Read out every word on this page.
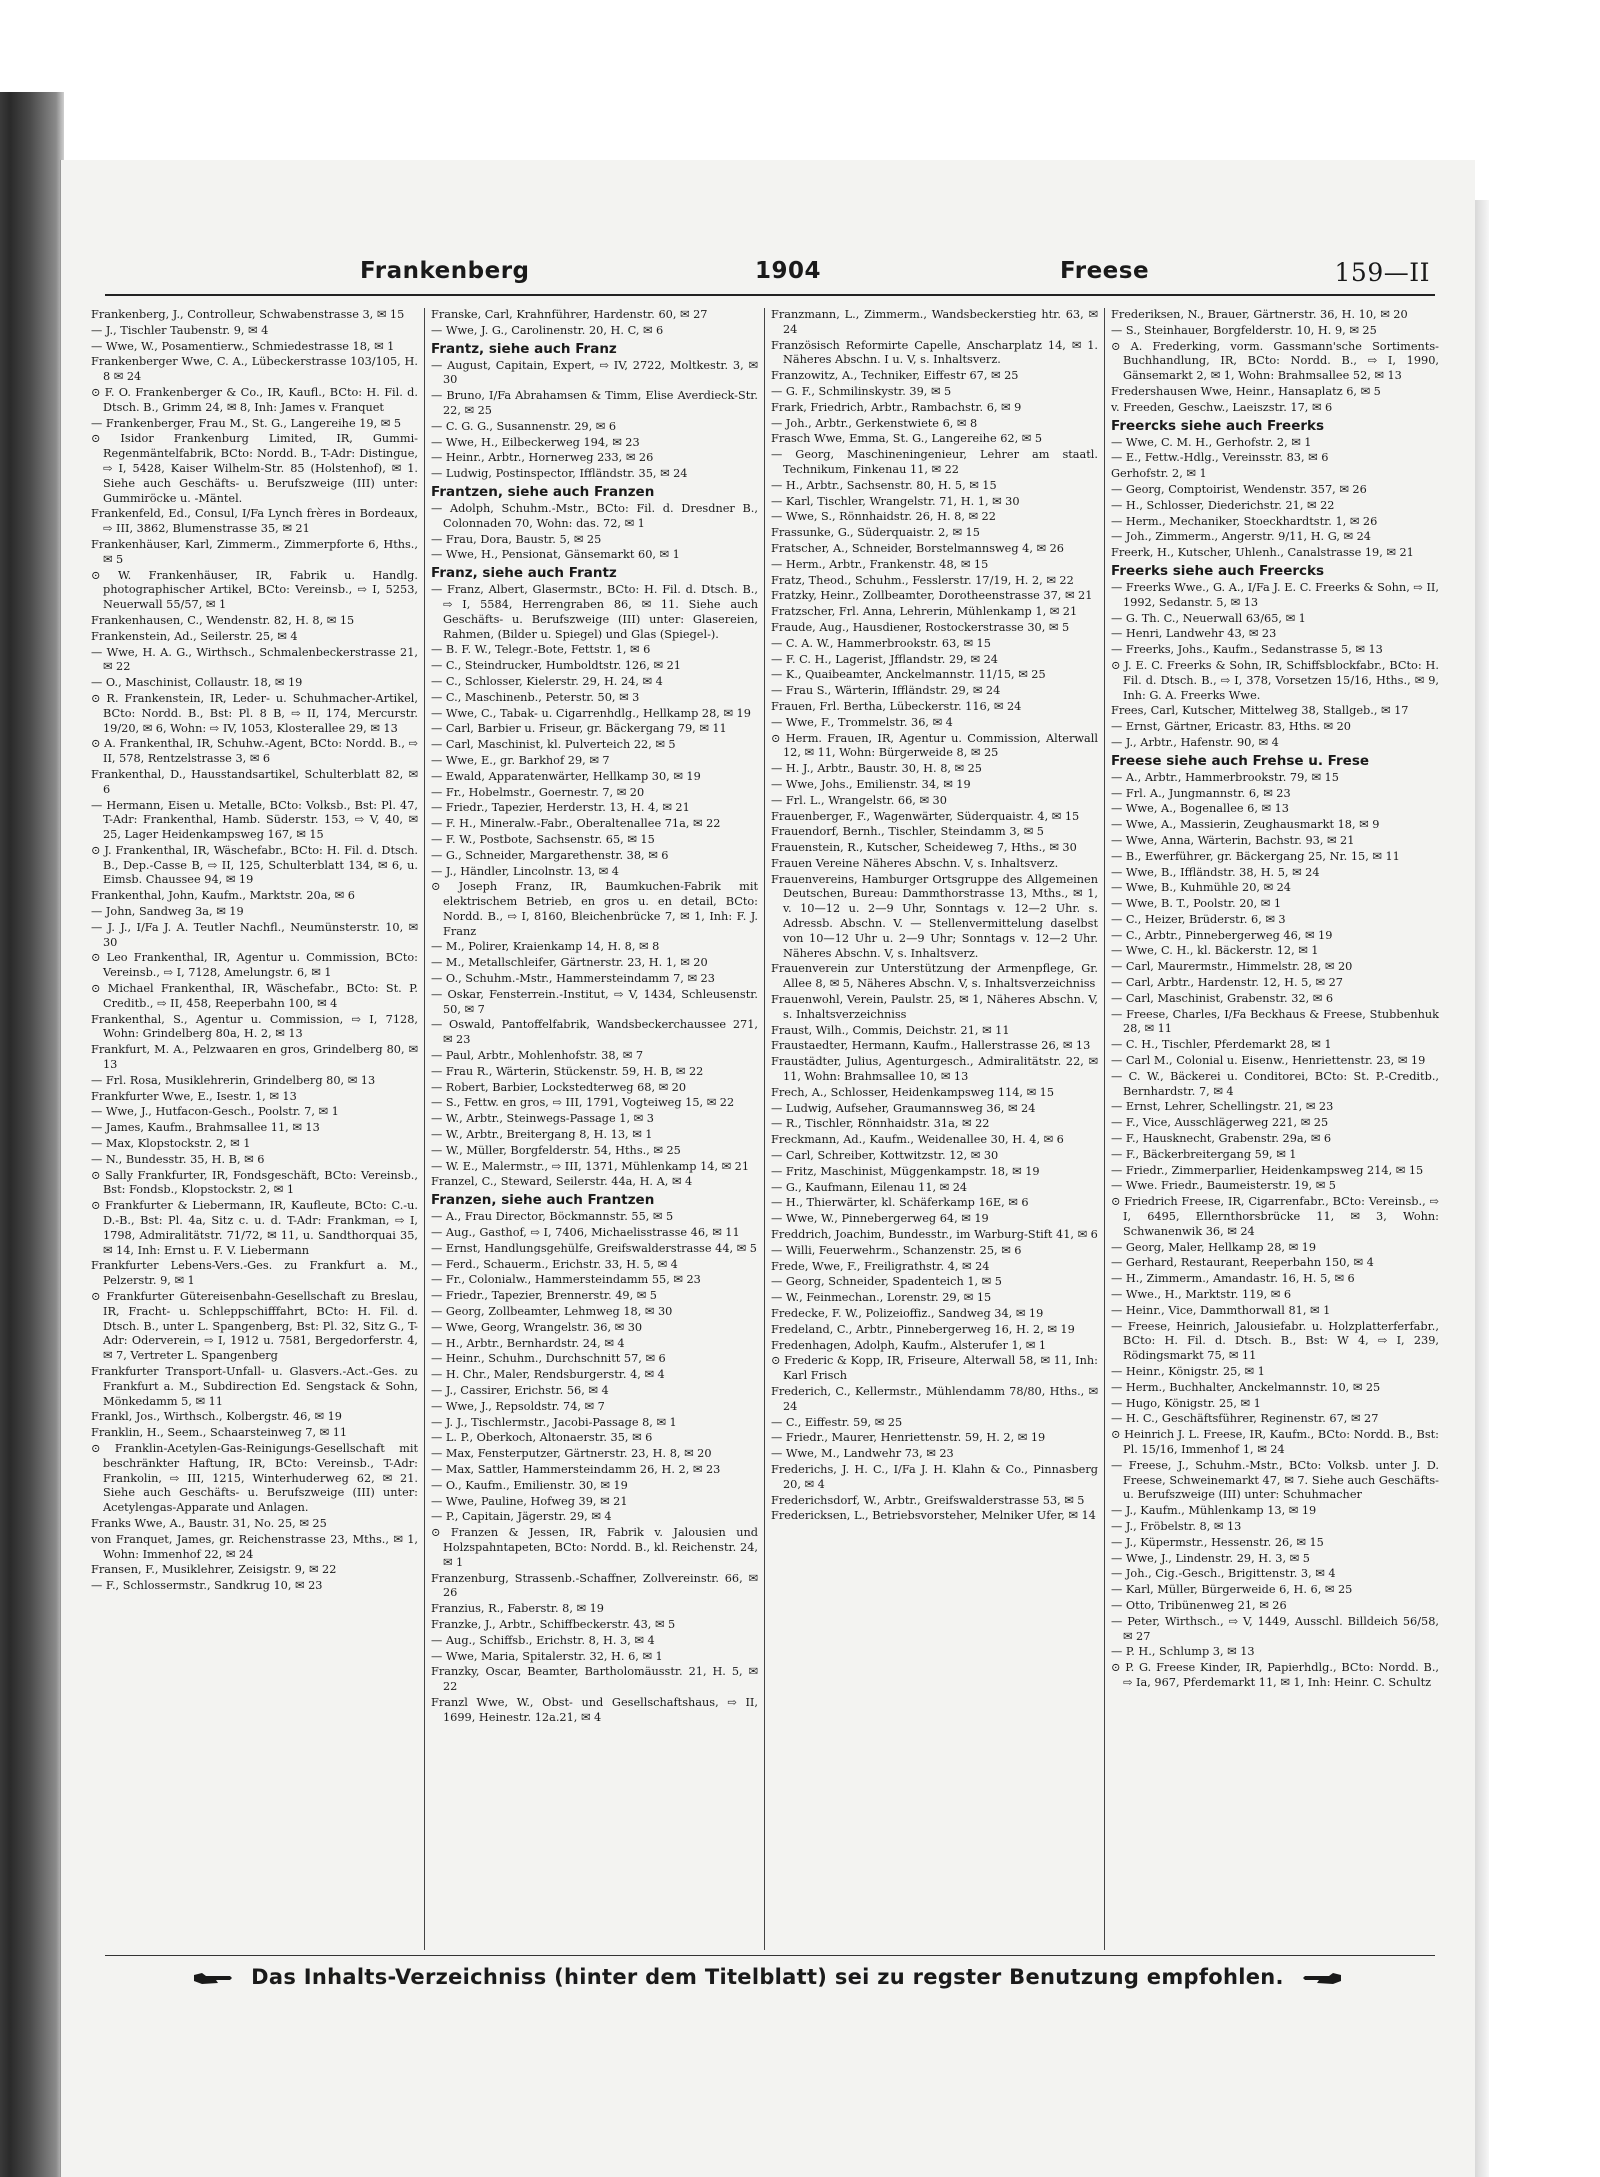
Frankenberg	1904	Freese	159—II

Frankenberg, J., Controlleur, Schwabenstrasse 3, ✉ 15

— J., Tischler Taubenstr. 9, ✉ 4

— Wwe, W., Posamentierw., Schmiedestrasse 18, ✉ 1

Frankenberger Wwe, C. A., Lübeckerstrasse 103/105, H. 8 ✉ 24

⊙ F. O. Frankenberger & Co., IR, Kaufl., BCto: H. Fil. d. Dtsch. B., Grimm 24, ✉ 8, Inh: James v. Franquet

— Frankenberger, Frau M., St. G., Langereihe 19, ✉ 5

⊙ Isidor Frankenburg Limited, IR, Gummi-Regenmäntelfabrik, BCto: Nordd. B., T-Adr: Distingue, ⇨ I, 5428, Kaiser Wilhelm-Str. 85 (Holstenhof), ✉ 1. Siehe auch Geschäfts- u. Berufszweige (III) unter: Gummiröcke u. -Mäntel.

Frankenfeld, Ed., Consul, I/Fa Lynch frères in Bordeaux, ⇨ III, 3862, Blumenstrasse 35, ✉ 21

Frankenhäuser, Karl, Zimmerm., Zimmerpforte 6, Hths., ✉ 5

⊙ W. Frankenhäuser, IR, Fabrik u. Handlg. photographischer Artikel, BCto: Vereinsb., ⇨ I, 5253, Neuerwall 55/57, ✉ 1

Frankenhausen, C., Wendenstr. 82, H. 8, ✉ 15

Frankenstein, Ad., Seilerstr. 25, ✉ 4

— Wwe, H. A. G., Wirthsch., Schmalenbeckerstrasse 21, ✉ 22

— O., Maschinist, Collaustr. 18, ✉ 19

⊙ R. Frankenstein, IR, Leder- u. Schuhmacher-Artikel, BCto: Nordd. B., Bst: Pl. 8 B, ⇨ II, 174, Mercurstr. 19/20, ✉ 6, Wohn: ⇨ IV, 1053, Klosterallee 29, ✉ 13

⊙ A. Frankenthal, IR, Schuhw.-Agent, BCto: Nordd. B., ⇨ II, 578, Rentzelstrasse 3, ✉ 6

Frankenthal, D., Hausstandsartikel, Schulterblatt 82, ✉ 6

— Hermann, Eisen u. Metalle, BCto: Volksb., Bst: Pl. 47, T-Adr: Frankenthal, Hamb. Süderstr. 153, ⇨ V, 40, ✉ 25, Lager Heidenkampsweg 167, ✉ 15

⊙ J. Frankenthal, IR, Wäschefabr., BCto: H. Fil. d. Dtsch. B., Dep.-Casse B, ⇨ II, 125, Schulterblatt 134, ✉ 6, u. Eimsb. Chaussee 94, ✉ 19

Frankenthal, John, Kaufm., Marktstr. 20a, ✉ 6

— John, Sandweg 3a, ✉ 19

— J. J., I/Fa J. A. Teutler Nachfl., Neumünsterstr. 10, ✉ 30

⊙ Leo Frankenthal, IR, Agentur u. Commission, BCto: Vereinsb., ⇨ I, 7128, Amelungstr. 6, ✉ 1

⊙ Michael Frankenthal, IR, Wäschefabr., BCto: St. P. Creditb., ⇨ II, 458, Reeperbahn 100, ✉ 4

Frankenthal, S., Agentur u. Commission, ⇨ I, 7128, Wohn: Grindelberg 80a, H. 2, ✉ 13

Frankfurt, M. A., Pelzwaaren en gros, Grindelberg 80, ✉ 13

— Frl. Rosa, Musiklehrerin, Grindelberg 80, ✉ 13

Frankfurter Wwe, E., Isestr. 1, ✉ 13

— Wwe, J., Hutfacon-Gesch., Poolstr. 7, ✉ 1

— James, Kaufm., Brahmsallee 11, ✉ 13

— Max, Klopstockstr. 2, ✉ 1

— N., Bundesstr. 35, H. B, ✉ 6

⊙ Sally Frankfurter, IR, Fondsgeschäft, BCto: Vereinsb., Bst: Fondsb., Klopstockstr. 2, ✉ 1

⊙ Frankfurter & Liebermann, IR, Kaufleute, BCto: C.-u. D.-B., Bst: Pl. 4a, Sitz c. u. d. T-Adr: Frankman, ⇨ I, 1798, Admiralitätstr. 71/72, ✉ 11, u. Sandthorquai 35, ✉ 14, Inh: Ernst u. F. V. Liebermann

Frankfurter Lebens-Vers.-Ges. zu Frankfurt a. M., Pelzerstr. 9, ✉ 1

⊙ Frankfurter Gütereisenbahn-Gesellschaft zu Breslau, IR, Fracht- u. Schleppschifffahrt, BCto: H. Fil. d. Dtsch. B., unter L. Spangenberg, Bst: Pl. 32, Sitz G., T-Adr: Oderverein, ⇨ I, 1912 u. 7581, Bergedorferstr. 4, ✉ 7, Vertreter L. Spangenberg

Frankfurter Transport-Unfall- u. Glasvers.-Act.-Ges. zu Frankfurt a. M., Subdirection Ed. Sengstack & Sohn, Mönkedamm 5, ✉ 11

Frankl, Jos., Wirthsch., Kolbergstr. 46, ✉ 19

Franklin, H., Seem., Schaarsteinweg 7, ✉ 11

⊙ Franklin-Acetylen-Gas-Reinigungs-Gesellschaft mit beschränkter Haftung, IR, BCto: Vereinsb., T-Adr: Frankolin, ⇨ III, 1215, Winterhuderweg 62, ✉ 21. Siehe auch Geschäfts- u. Berufszweige (III) unter: Acetylengas-Apparate und Anlagen.

Franks Wwe, A., Baustr. 31, No. 25, ✉ 25

von Franquet, James, gr. Reichenstrasse 23, Mths., ✉ 1, Wohn: Immenhof 22, ✉ 24

Fransen, F., Musiklehrer, Zeisigstr. 9, ✉ 22

— F., Schlossermstr., Sandkrug 10, ✉ 23

Franske, Carl, Krahnführer, Hardenstr. 60, ✉ 27

— Wwe, J. G., Carolinenstr. 20, H. C, ✉ 6

Frantz, siehe auch Franz

— August, Capitain, Expert, ⇨ IV, 2722, Moltkestr. 3, ✉ 30

— Bruno, I/Fa Abrahamsen & Timm, Elise Averdieck-Str. 22, ✉ 25

— C. G. G., Susannenstr. 29, ✉ 6

— Wwe, H., Eilbeckerweg 194, ✉ 23

— Heinr., Arbtr., Hornerweg 233, ✉ 26

— Ludwig, Postinspector, Iffländstr. 35, ✉ 24

Frantzen, siehe auch Franzen

— Adolph, Schuhm.-Mstr., BCto: Fil. d. Dresdner B., Colonnaden 70, Wohn: das. 72, ✉ 1

— Frau, Dora, Baustr. 5, ✉ 25

— Wwe, H., Pensionat, Gänsemarkt 60, ✉ 1

Franz, siehe auch Frantz

— Franz, Albert, Glasermstr., BCto: H. Fil. d. Dtsch. B., ⇨ I, 5584, Herrengraben 86, ✉ 11. Siehe auch Geschäfts- u. Berufszweige (III) unter: Glasereien, Rahmen, (Bilder u. Spiegel) und Glas (Spiegel-).

— B. F. W., Telegr.-Bote, Fettstr. 1, ✉ 6

— C., Steindrucker, Humboldtstr. 126, ✉ 21

— C., Schlosser, Kielerstr. 29, H. 24, ✉ 4

— C., Maschinenb., Peterstr. 50, ✉ 3

— Wwe, C., Tabak- u. Cigarrenhdlg., Hellkamp 28, ✉ 19

— Carl, Barbier u. Friseur, gr. Bäckergang 79, ✉ 11

— Carl, Maschinist, kl. Pulverteich 22, ✉ 5

— Wwe, E., gr. Barkhof 29, ✉ 7

— Ewald, Apparatenwärter, Hellkamp 30, ✉ 19

— Fr., Hobelmstr., Goernestr. 7, ✉ 20

— Friedr., Tapezier, Herderstr. 13, H. 4, ✉ 21

— F. H., Mineralw.-Fabr., Oberaltenallee 71a, ✉ 22

— F. W., Postbote, Sachsenstr. 65, ✉ 15

— G., Schneider, Margarethenstr. 38, ✉ 6

— J., Händler, Lincolnstr. 13, ✉ 4

⊙ Joseph Franz, IR, Baumkuchen-Fabrik mit elektrischem Betrieb, en gros u. en detail, BCto: Nordd. B., ⇨ I, 8160, Bleichenbrücke 7, ✉ 1, Inh: F. J. Franz

— M., Polirer, Kraienkamp 14, H. 8, ✉ 8

— M., Metallschleifer, Gärtnerstr. 23, H. 1, ✉ 20

— O., Schuhm.-Mstr., Hammersteindamm 7, ✉ 23

— Oskar, Fensterrein.-Institut, ⇨ V, 1434, Schleusenstr. 50, ✉ 7

— Oswald, Pantoffelfabrik, Wandsbeckerchaussee 271, ✉ 23

— Paul, Arbtr., Mohlenhofstr. 38, ✉ 7

— Frau R., Wärterin, Stückenstr. 59, H. B, ✉ 22

— Robert, Barbier, Lockstedterweg 68, ✉ 20

— S., Fettw. en gros, ⇨ III, 1791, Vogteiweg 15, ✉ 22

— W., Arbtr., Steinwegs-Passage 1, ✉ 3

— W., Arbtr., Breitergang 8, H. 13, ✉ 1

— W., Müller, Borgfelderstr. 54, Hths., ✉ 25

— W. E., Malermstr., ⇨ III, 1371, Mühlenkamp 14, ✉ 21

Franzel, C., Steward, Seilerstr. 44a, H. A, ✉ 4

Franzen, siehe auch Frantzen

— A., Frau Director, Böckmannstr. 55, ✉ 5

— Aug., Gasthof, ⇨ I, 7406, Michaelisstrasse 46, ✉ 11

— Ernst, Handlungsgehülfe, Greifswalderstrasse 44, ✉ 5

— Ferd., Schauerm., Erichstr. 33, H. 5, ✉ 4

— Fr., Colonialw., Hammersteindamm 55, ✉ 23

— Friedr., Tapezier, Brennerstr. 49, ✉ 5

— Georg, Zollbeamter, Lehmweg 18, ✉ 30

— Wwe, Georg, Wrangelstr. 36, ✉ 30

— H., Arbtr., Bernhardstr. 24, ✉ 4

— Heinr., Schuhm., Durchschnitt 57, ✉ 6

— H. Chr., Maler, Rendsburgerstr. 4, ✉ 4

— J., Cassirer, Erichstr. 56, ✉ 4

— Wwe, J., Repsoldstr. 74, ✉ 7

— J. J., Tischlermstr., Jacobi-Passage 8, ✉ 1

— L. P., Oberkoch, Altonaerstr. 35, ✉ 6

— Max, Fensterputzer, Gärtnerstr. 23, H. 8, ✉ 20

— Max, Sattler, Hammersteindamm 26, H. 2, ✉ 23

— O., Kaufm., Emilienstr. 30, ✉ 19

— Wwe, Pauline, Hofweg 39, ✉ 21

— P., Capitain, Jägerstr. 29, ✉ 4

⊙ Franzen & Jessen, IR, Fabrik v. Jalousien und Holzspahntapeten, BCto: Nordd. B., kl. Reichenstr. 24, ✉ 1

Franzenburg, Strassenb.-Schaffner, Zollvereinstr. 66, ✉ 26

Franzius, R., Faberstr. 8, ✉ 19

Franzke, J., Arbtr., Schiffbeckerstr. 43, ✉ 5

— Aug., Schiffsb., Erichstr. 8, H. 3, ✉ 4

— Wwe, Maria, Spitalerstr. 32, H. 6, ✉ 1

Franzky, Oscar, Beamter, Bartholomäusstr. 21, H. 5, ✉ 22

Franzl Wwe, W., Obst- und Gesellschaftshaus, ⇨ II, 1699, Heinestr. 12a.21, ✉ 4

Franzmann, L., Zimmerm., Wandsbeckerstieg htr. 63, ✉ 24

Französisch Reformirte Capelle, Anscharplatz 14, ✉ 1. Näheres Abschn. I u. V, s. Inhaltsverz.

Franzowitz, A., Techniker, Eiffestr 67, ✉ 25

— G. F., Schmilinskystr. 39, ✉ 5

Frark, Friedrich, Arbtr., Rambachstr. 6, ✉ 9

— Joh., Arbtr., Gerkenstwiete 6, ✉ 8

Frasch Wwe, Emma, St. G., Langereihe 62, ✉ 5

— Georg, Maschineningenieur, Lehrer am staatl. Technikum, Finkenau 11, ✉ 22

— H., Arbtr., Sachsenstr. 80, H. 5, ✉ 15

— Karl, Tischler, Wrangelstr. 71, H. 1, ✉ 30

— Wwe, S., Rönnhaidstr. 26, H. 8, ✉ 22

Frassunke, G., Süderquaistr. 2, ✉ 15

Fratscher, A., Schneider, Borstelmannsweg 4, ✉ 26

— Herm., Arbtr., Frankenstr. 48, ✉ 15

Fratz, Theod., Schuhm., Fesslerstr. 17/19, H. 2, ✉ 22

Fratzky, Heinr., Zollbeamter, Dorotheenstrasse 37, ✉ 21

Fratzscher, Frl. Anna, Lehrerin, Mühlenkamp 1, ✉ 21

Fraude, Aug., Hausdiener, Rostockerstrasse 30, ✉ 5

— C. A. W., Hammerbrookstr. 63, ✉ 15

— F. C. H., Lagerist, Jfflandstr. 29, ✉ 24

— K., Quaibeamter, Anckelmannstr. 11/15, ✉ 25

— Frau S., Wärterin, Iffländstr. 29, ✉ 24

Frauen, Frl. Bertha, Lübeckerstr. 116, ✉ 24

— Wwe, F., Trommelstr. 36, ✉ 4

⊙ Herm. Frauen, IR, Agentur u. Commission, Alterwall 12, ✉ 11, Wohn: Bürgerweide 8, ✉ 25

— H. J., Arbtr., Baustr. 30, H. 8, ✉ 25

— Wwe, Johs., Emilienstr. 34, ✉ 19

— Frl. L., Wrangelstr. 66, ✉ 30

Frauenberger, F., Wagenwärter, Süderquaistr. 4, ✉ 15

Frauendorf, Bernh., Tischler, Steindamm 3, ✉ 5

Frauenstein, R., Kutscher, Scheideweg 7, Hths., ✉ 30

Frauen Vereine Näheres Abschn. V, s. Inhaltsverz.

Frauenvereins, Hamburger Ortsgruppe des Allgemeinen Deutschen, Bureau: Dammthorstrasse 13, Mths., ✉ 1, v. 10—12 u. 2—9 Uhr, Sonntags v. 12—2 Uhr. s. Adressb. Abschn. V. — Stellenvermittelung daselbst von 10—12 Uhr u. 2—9 Uhr; Sonntags v. 12—2 Uhr. Näheres Abschn. V, s. Inhaltsverz.

Frauenverein zur Unterstützung der Armenpflege, Gr. Allee 8, ✉ 5, Näheres Abschn. V, s. Inhaltsverzeichniss

Frauenwohl, Verein, Paulstr. 25, ✉ 1, Näheres Abschn. V, s. Inhaltsverzeichniss

Fraust, Wilh., Commis, Deichstr. 21, ✉ 11

Fraustaedter, Hermann, Kaufm., Hallerstrasse 26, ✉ 13

Fraustädter, Julius, Agenturgesch., Admiralitätstr. 22, ✉ 11, Wohn: Brahmsallee 10, ✉ 13

Frech, A., Schlosser, Heidenkampsweg 114, ✉ 15

— Ludwig, Aufseher, Graumannsweg 36, ✉ 24

— R., Tischler, Rönnhaidstr. 31a, ✉ 22

Freckmann, Ad., Kaufm., Weidenallee 30, H. 4, ✉ 6

— Carl, Schreiber, Kottwitzstr. 12, ✉ 30

— Fritz, Maschinist, Müggenkampstr. 18, ✉ 19

— G., Kaufmann, Eilenau 11, ✉ 24

— H., Thierwärter, kl. Schäferkamp 16E, ✉ 6

— Wwe, W., Pinnebergerweg 64, ✉ 19

Freddrich, Joachim, Bundesstr., im Warburg-Stift 41, ✉ 6

— Willi, Feuerwehrm., Schanzenstr. 25, ✉ 6

Frede, Wwe, F., Freiligrathstr. 4, ✉ 24

— Georg, Schneider, Spadenteich 1, ✉ 5

— W., Feinmechan., Lorenstr. 29, ✉ 15

Fredecke, F. W., Polizeioffiz., Sandweg 34, ✉ 19

Fredeland, C., Arbtr., Pinnebergerweg 16, H. 2, ✉ 19

Fredenhagen, Adolph, Kaufm., Alsterufer 1, ✉ 1

⊙ Frederic & Kopp, IR, Friseure, Alterwall 58, ✉ 11, Inh: Karl Frisch

Frederich, C., Kellermstr., Mühlendamm 78/80, Hths., ✉ 24

— C., Eiffestr. 59, ✉ 25

— Friedr., Maurer, Henriettenstr. 59, H. 2, ✉ 19

— Wwe, M., Landwehr 73, ✉ 23

Frederichs, J. H. C., I/Fa J. H. Klahn & Co., Pinnasberg 20, ✉ 4

Frederichsdorf, W., Arbtr., Greifswalderstrasse 53, ✉ 5

Fredericksen, L., Betriebsvorsteher, Melniker Ufer, ✉ 14

Frederiksen, N., Brauer, Gärtnerstr. 36, H. 10, ✉ 20

— S., Steinhauer, Borgfelderstr. 10, H. 9, ✉ 25

⊙ A. Frederking, vorm. Gassmann'sche Sortiments-Buchhandlung, IR, BCto: Nordd. B., ⇨ I, 1990, Gänsemarkt 2, ✉ 1, Wohn: Brahmsallee 52, ✉ 13

Fredershausen Wwe, Heinr., Hansaplatz 6, ✉ 5

v. Freeden, Geschw., Laeiszstr. 17, ✉ 6

Freercks siehe auch Freerks

— Wwe, C. M. H., Gerhofstr. 2, ✉ 1

— E., Fettw.-Hdlg., Vereinsstr. 83, ✉ 6

Gerhofstr. 2, ✉ 1

— Georg, Comptoirist, Wendenstr. 357, ✉ 26

— H., Schlosser, Diederichstr. 21, ✉ 22

— Herm., Mechaniker, Stoeckhardtstr. 1, ✉ 26

— Joh., Zimmerm., Angerstr. 9/11, H. G, ✉ 24

Freerk, H., Kutscher, Uhlenh., Canalstrasse 19, ✉ 21

Freerks siehe auch Freercks

— Freerks Wwe., G. A., I/Fa J. E. C. Freerks & Sohn, ⇨ II, 1992, Sedanstr. 5, ✉ 13

— G. Th. C., Neuerwall 63/65, ✉ 1

— Henri, Landwehr 43, ✉ 23

— Freerks, Johs., Kaufm., Sedanstrasse 5, ✉ 13

⊙ J. E. C. Freerks & Sohn, IR, Schiffsblockfabr., BCto: H. Fil. d. Dtsch. B., ⇨ I, 378, Vorsetzen 15/16, Hths., ✉ 9, Inh: G. A. Freerks Wwe.

Frees, Carl, Kutscher, Mittelweg 38, Stallgeb., ✉ 17

— Ernst, Gärtner, Ericastr. 83, Hths. ✉ 20

— J., Arbtr., Hafenstr. 90, ✉ 4

Freese siehe auch Frehse u. Frese

— A., Arbtr., Hammerbrookstr. 79, ✉ 15

— Frl. A., Jungmannstr. 6, ✉ 23

— Wwe, A., Bogenallee 6, ✉ 13

— Wwe, A., Massierin, Zeughausmarkt 18, ✉ 9

— Wwe, Anna, Wärterin, Bachstr. 93, ✉ 21

— B., Ewerführer, gr. Bäckergang 25, Nr. 15, ✉ 11

— Wwe, B., Iffländstr. 38, H. 5, ✉ 24

— Wwe, B., Kuhmühle 20, ✉ 24

— Wwe, B. T., Poolstr. 20, ✉ 1

— C., Heizer, Brüderstr. 6, ✉ 3

— C., Arbtr., Pinnebergerweg 46, ✉ 19

— Wwe, C. H., kl. Bäckerstr. 12, ✉ 1

— Carl, Maurermstr., Himmelstr. 28, ✉ 20

— Carl, Arbtr., Hardenstr. 12, H. 5, ✉ 27

— Carl, Maschinist, Grabenstr. 32, ✉ 6

— Freese, Charles, I/Fa Beckhaus & Freese, Stubbenhuk 28, ✉ 11

— C. H., Tischler, Pferdemarkt 28, ✉ 1

— Carl M., Colonial u. Eisenw., Henriettenstr. 23, ✉ 19

— C. W., Bäckerei u. Conditorei, BCto: St. P.-Creditb., Bernhardstr. 7, ✉ 4

— Ernst, Lehrer, Schellingstr. 21, ✉ 23

— F., Vice, Ausschlägerweg 221, ✉ 25

— F., Hausknecht, Grabenstr. 29a, ✉ 6

— F., Bäckerbreitergang 59, ✉ 1

— Friedr., Zimmerparlier, Heidenkampsweg 214, ✉ 15

— Wwe. Friedr., Baumeisterstr. 19, ✉ 5

⊙ Friedrich Freese, IR, Cigarrenfabr., BCto: Vereinsb., ⇨ I, 6495, Ellernthorsbrücke 11, ✉ 3, Wohn: Schwanenwik 36, ✉ 24

— Georg, Maler, Hellkamp 28, ✉ 19

— Gerhard, Restaurant, Reeperbahn 150, ✉ 4

— H., Zimmerm., Amandastr. 16, H. 5, ✉ 6

— Wwe., H., Marktstr. 119, ✉ 6

— Heinr., Vice, Dammthorwall 81, ✉ 1

— Freese, Heinrich, Jalousiefabr. u. Holzplatterferfabr., BCto: H. Fil. d. Dtsch. B., Bst: W 4, ⇨ I, 239, Rödingsmarkt 75, ✉ 11

— Heinr., Königstr. 25, ✉ 1

— Herm., Buchhalter, Anckelmannstr. 10, ✉ 25

— Hugo, Königstr. 25, ✉ 1

— H. C., Geschäftsführer, Reginenstr. 67, ✉ 27

⊙ Heinrich J. L. Freese, IR, Kaufm., BCto: Nordd. B., Bst: Pl. 15/16, Immenhof 1, ✉ 24

— Freese, J., Schuhm.-Mstr., BCto: Volksb. unter J. D. Freese, Schweinemarkt 47, ✉ 7. Siehe auch Geschäfts- u. Berufszweige (III) unter: Schuhmacher

— J., Kaufm., Mühlenkamp 13, ✉ 19

— J., Fröbelstr. 8, ✉ 13

— J., Küpermstr., Hessenstr. 26, ✉ 15

— Wwe, J., Lindenstr. 29, H. 3, ✉ 5

— Joh., Cig.-Gesch., Brigittenstr. 3, ✉ 4

— Karl, Müller, Bürgerweide 6, H. 6, ✉ 25

— Otto, Tribünenweg 21, ✉ 26

— Peter, Wirthsch., ⇨ V, 1449, Ausschl. Billdeich 56/58, ✉ 27

— P. H., Schlump 3, ✉ 13

⊙ P. G. Freese Kinder, IR, Papierhdlg., BCto: Nordd. B., ⇨ Ia, 967, Pferdemarkt 11, ✉ 1, Inh: Heinr. C. Schultz

Das Inhalts-Verzeichniss (hinter dem Titelblatt) sei zu regster Benutzung empfohlen.
